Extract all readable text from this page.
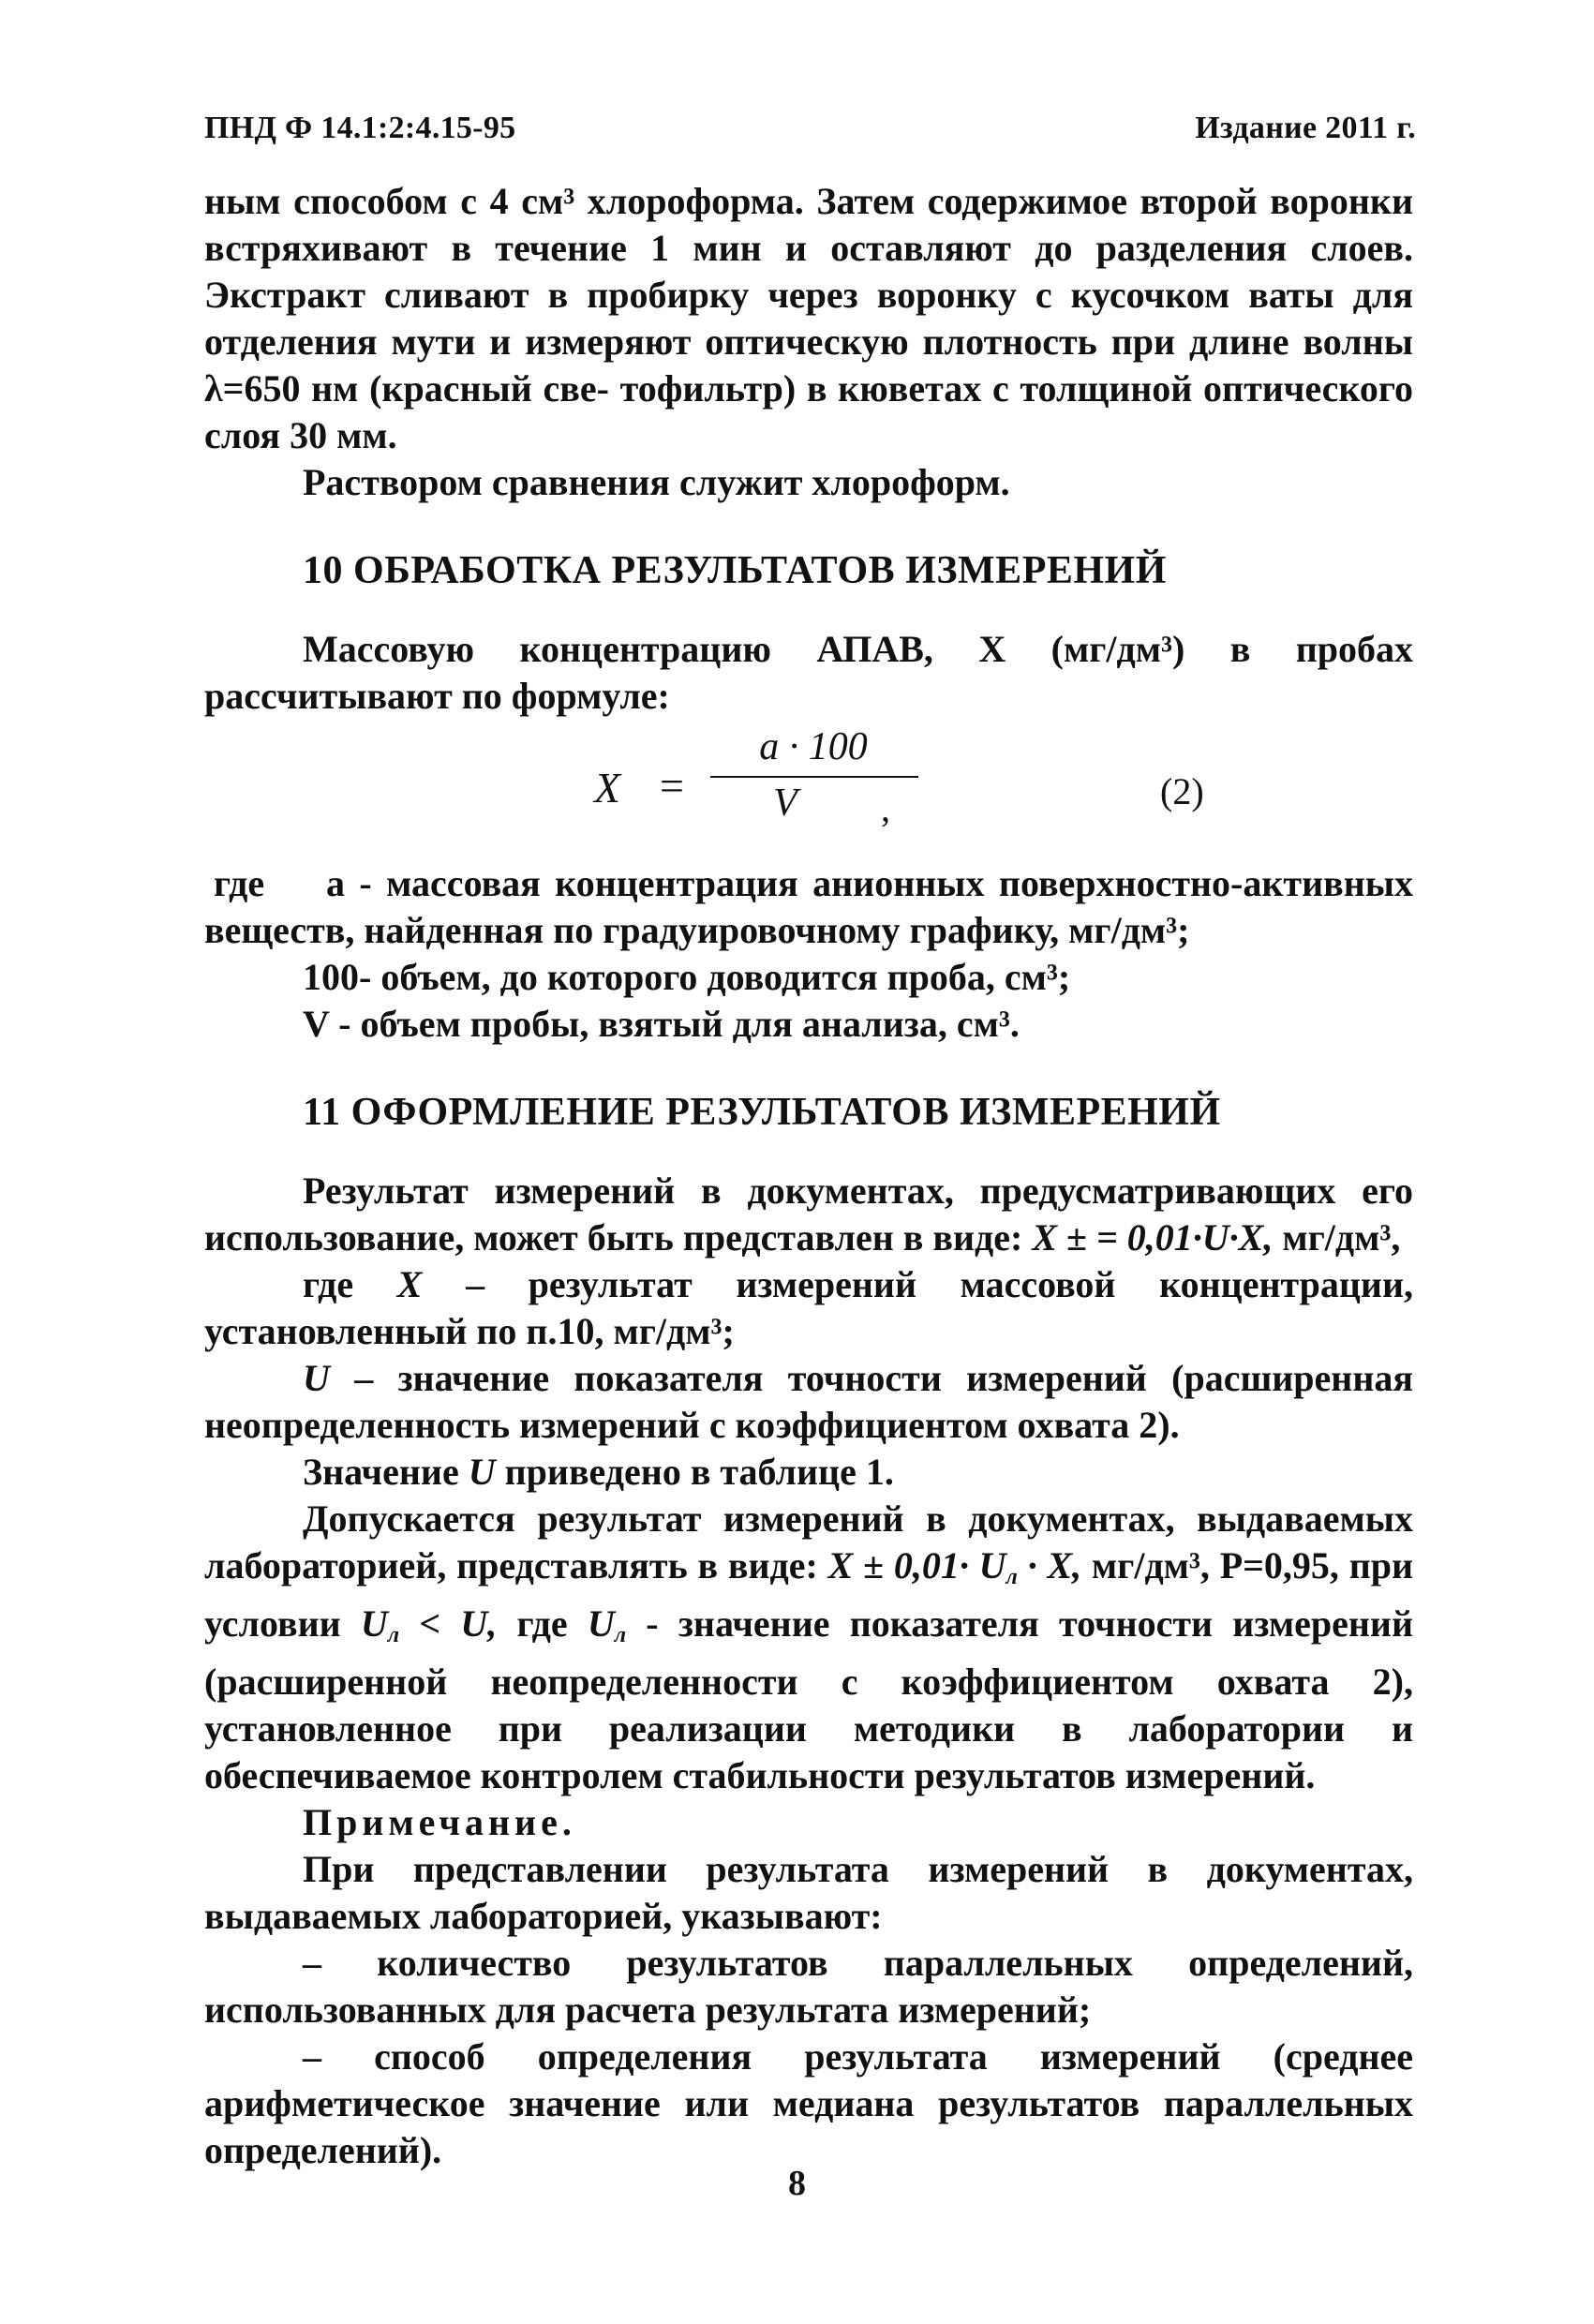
ПНД Ф 14.1:2:4.15-95	Издание 2011 г.

ным способом с 4 см³ хлороформа. Затем содержимое второй воронки встряхивают в течение 1 мин и оставляют до разделения слоев. Экстракт сливают в пробирку через воронку с кусочком ваты для отделения мути и измеряют оптическую плотность при длине волны λ=650 нм (красный све- тофильтр) в кюветах с толщиной оптического слоя 30 мм.

Раствором сравнения служит хлороформ.

10 ОБРАБОТКА РЕЗУЛЬТАТОВ ИЗМЕРЕНИЙ

Массовую концентрацию АПАВ, X (мг/дм³) в пробах рассчитывают по формуле:

X =
a · 100
V	,	(2)

где а - массовая концентрация анионных поверхностно-активных веществ, найденная по градуировочному графику, мг/дм³;

100- объем, до которого доводится проба, см³;

V - объем пробы, взятый для анализа, см³.

11 ОФОРМЛЕНИЕ РЕЗУЛЬТАТОВ ИЗМЕРЕНИЙ

Результат измерений в документах, предусматривающих его использование, может быть представлен в виде: X ± = 0,01·U·X, мг/дм³,

где X – результат измерений массовой концентрации, установленный по п.10, мг/дм³;

U – значение показателя точности измерений (расширенная неопределенность измерений с коэффициентом охвата 2).

Значение U приведено в таблице 1.

Допускается результат измерений в документах, выдаваемых лабораторией, представлять в виде: $X \pm 0,01\cdot U_л \cdot X$, мг/дм³, Р=0,95, при условии $U_л < U$, где $U_л$ - значение показателя точности измерений (расширенной неопределенности с коэффициентом охвата 2), установленное при реализации методики в лаборатории и обеспечиваемое контролем стабильности результатов измерений.

Примечание.

При представлении результата измерений в документах, выдаваемых лабораторией, указывают:

– количество результатов параллельных определений, использованных для расчета результата измерений;

– способ определения результата измерений (среднее арифметическое значение или медиана результатов параллельных определений).

8
